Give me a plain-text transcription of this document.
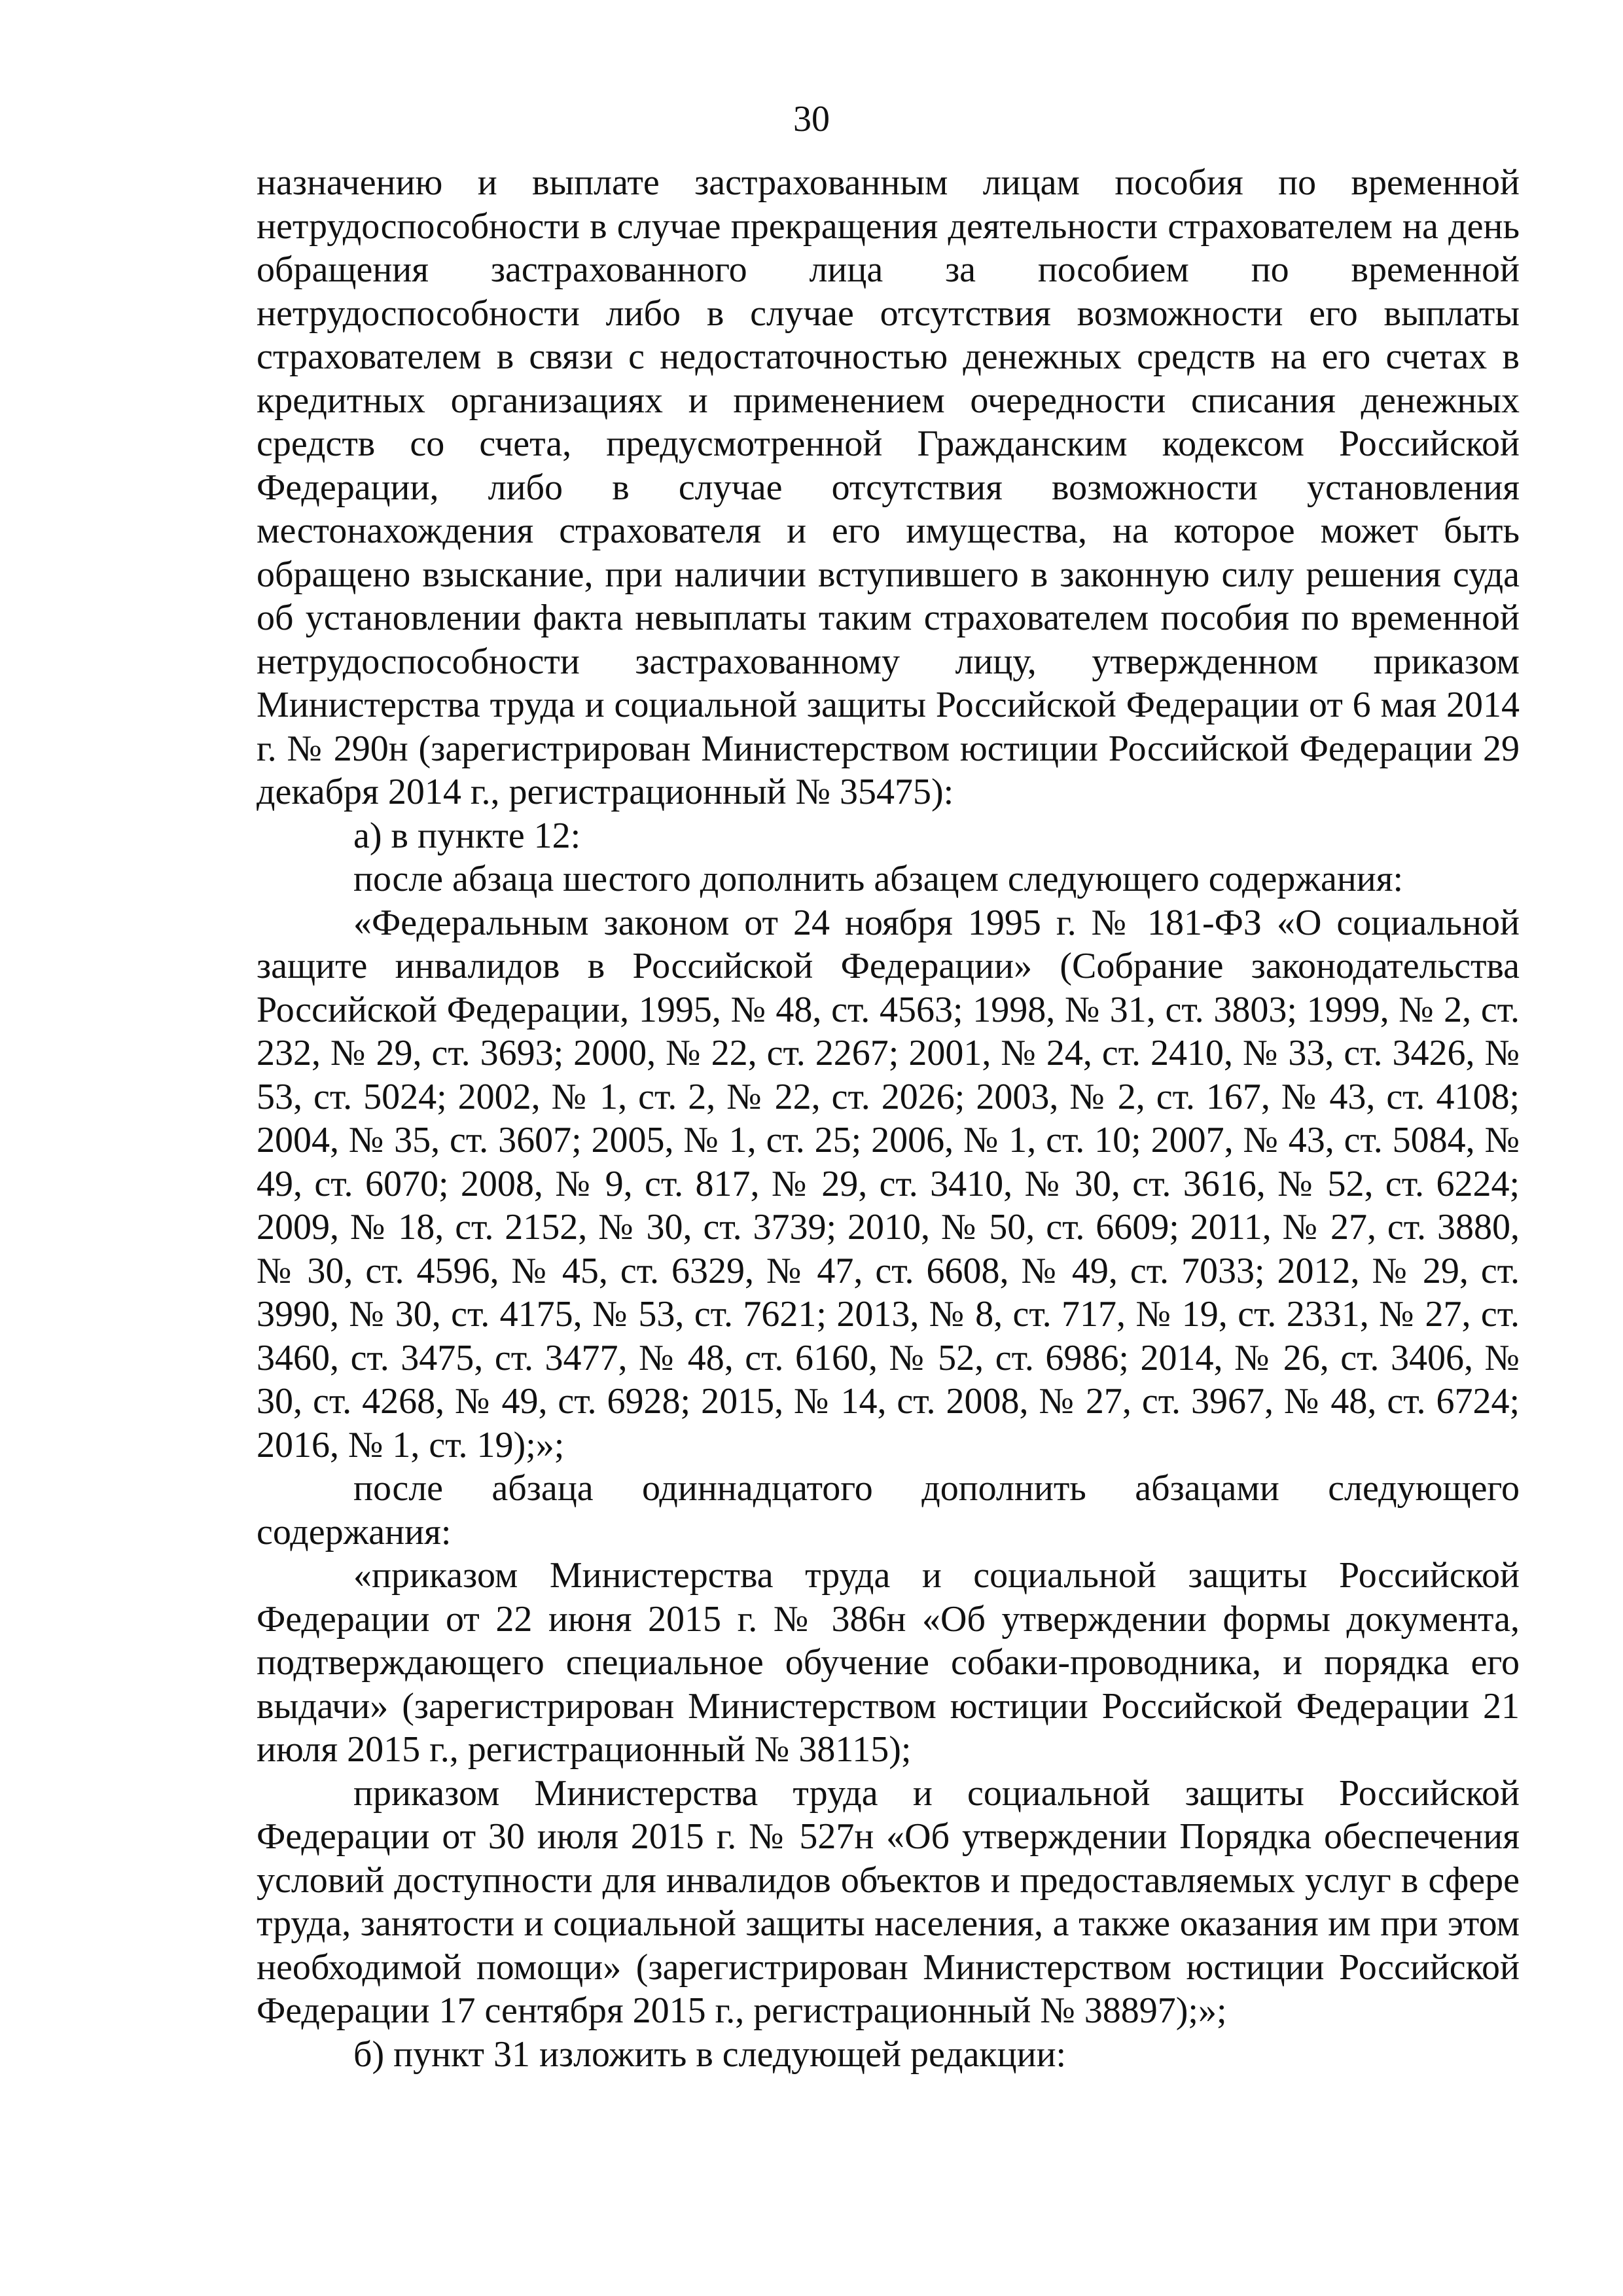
30

назначению и выплате застрахованным лицам пособия по временной нетрудоспособности в случае прекращения деятельности страхователем на день обращения застрахованного лица за пособием по временной нетрудоспособности либо в случае отсутствия возможности его выплаты страхователем в связи с недостаточностью денежных средств на его счетах в кредитных организациях и применением очередности списания денежных средств со счета, предусмотренной Гражданским кодексом Российской Федерации, либо в случае отсутствия возможности установления местонахождения страхователя и его имущества, на которое может быть обращено взыскание, при наличии вступившего в законную силу решения суда об установлении факта невыплаты таким страхователем пособия по временной нетрудоспособности застрахованному лицу, утвержденном приказом Министерства труда и социальной защиты Российской Федерации от 6 мая 2014 г. № 290н (зарегистрирован Министерством юстиции Российской Федерации 29 декабря 2014 г., регистрационный № 35475):

а) в пункте 12:

после абзаца шестого дополнить абзацем следующего содержания:

«Федеральным законом от 24 ноября 1995 г. № 181-ФЗ «О социальной защите инвалидов в Российской Федерации» (Собрание законодательства Российской Федерации, 1995, № 48, ст. 4563; 1998, № 31, ст. 3803; 1999, № 2, ст. 232, № 29, ст. 3693; 2000, № 22, ст. 2267; 2001, № 24, ст. 2410, № 33, ст. 3426, № 53, ст. 5024; 2002, № 1, ст. 2, № 22, ст. 2026; 2003, № 2, ст. 167, № 43, ст. 4108; 2004, № 35, ст. 3607; 2005, № 1, ст. 25; 2006, № 1, ст. 10; 2007, № 43, ст. 5084, № 49, ст. 6070; 2008, № 9, ст. 817, № 29, ст. 3410, № 30, ст. 3616, № 52, ст. 6224; 2009, № 18, ст. 2152, № 30, ст. 3739; 2010, № 50, ст. 6609; 2011, № 27, ст. 3880, № 30, ст. 4596, № 45, ст. 6329, № 47, ст. 6608, № 49, ст. 7033; 2012, № 29, ст. 3990, № 30, ст. 4175, № 53, ст. 7621; 2013, № 8, ст. 717, № 19, ст. 2331, № 27, ст. 3460, ст. 3475, ст. 3477, № 48, ст. 6160, № 52, ст. 6986; 2014, № 26, ст. 3406, № 30, ст. 4268, № 49, ст. 6928; 2015, № 14, ст. 2008, № 27, ст. 3967, № 48, ст. 6724; 2016, № 1, ст. 19);»;

после абзаца одиннадцатого дополнить абзацами следующего содержания:

«приказом Министерства труда и социальной защиты Российской Федерации от 22 июня 2015 г. № 386н «Об утверждении формы документа, подтверждающего специальное обучение собаки-проводника, и порядка его выдачи» (зарегистрирован Министерством юстиции Российской Федерации 21 июля 2015 г., регистрационный № 38115);

приказом Министерства труда и социальной защиты Российской Федерации от 30 июля 2015 г. № 527н «Об утверждении Порядка обеспечения условий доступности для инвалидов объектов и предоставляемых услуг в сфере труда, занятости и социальной защиты населения, а также оказания им при этом необходимой помощи» (зарегистрирован Министерством юстиции Российской Федерации 17 сентября 2015 г., регистрационный № 38897);»;

б) пункт 31 изложить в следующей редакции:
